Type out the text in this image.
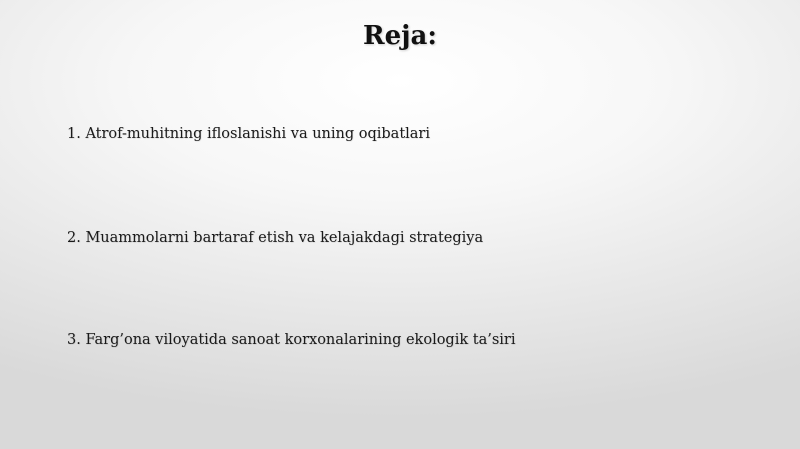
Reja:
1. Atrof-muhitning ifloslanishi va uning oqibatlari
2. Muammolarni bartaraf etish va kelajakdagi strategiya
3. Farg’ona viloyatida sanoat korxonalarining ekologik ta’siri
